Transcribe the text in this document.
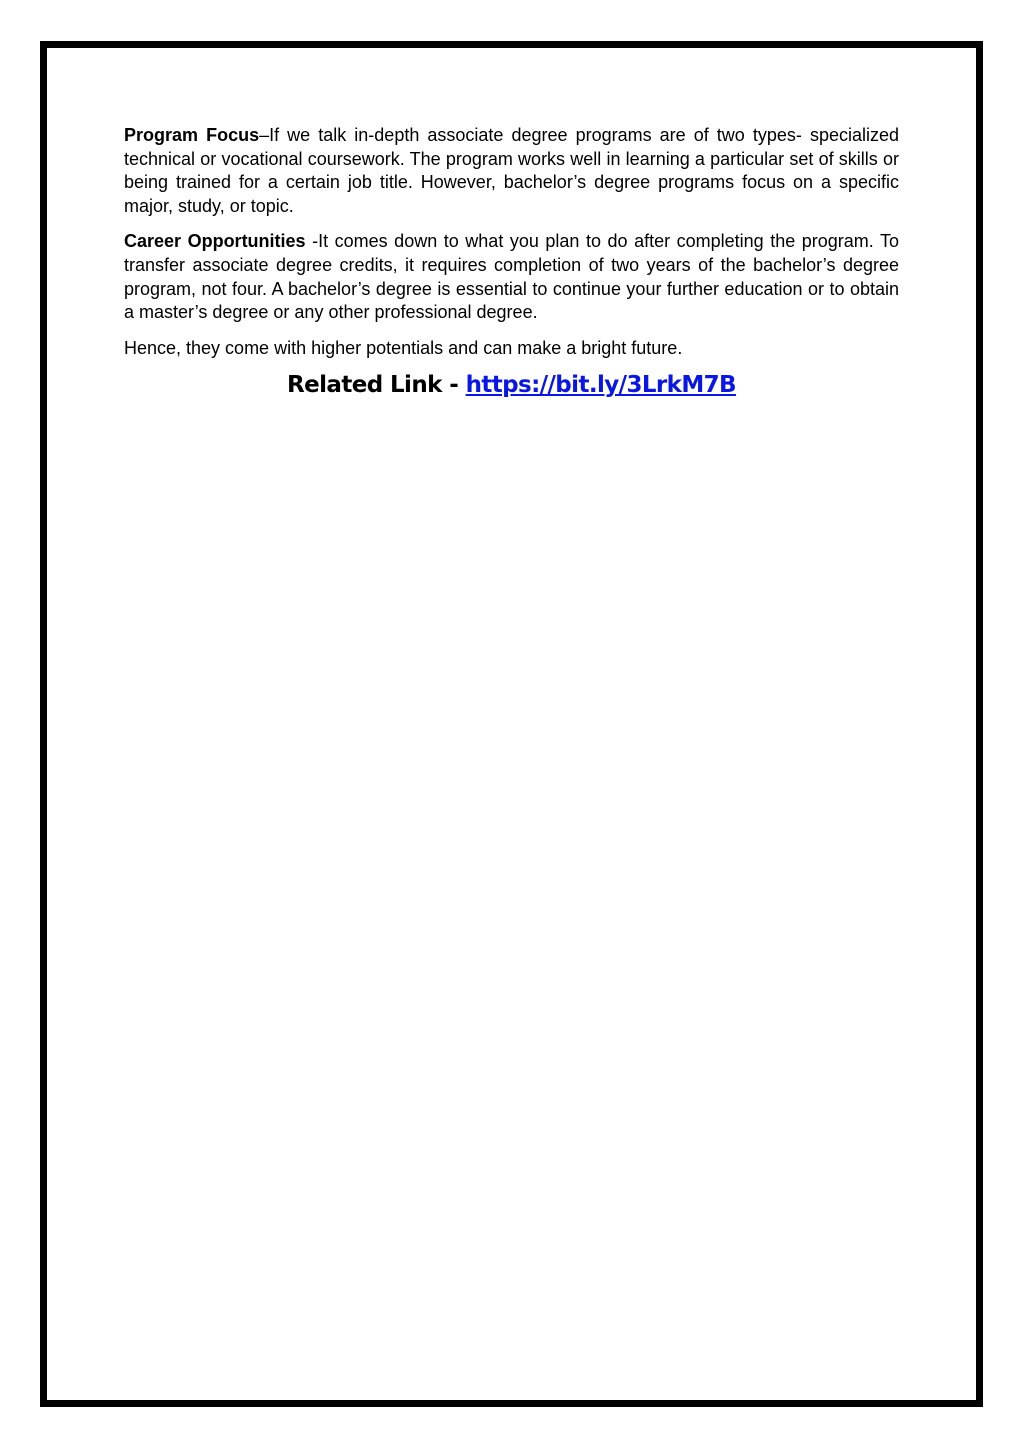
Program Focus–If we talk in-depth associate degree programs are of two types- specialized technical or vocational coursework. The program works well in learning a particular set of skills or being trained for a certain job title. However, bachelor’s degree programs focus on a specific major, study, or topic.

Career Opportunities -It comes down to what you plan to do after completing the program. To transfer associate degree credits, it requires completion of two years of the bachelor’s degree program, not four. A bachelor’s degree is essential to continue your further education or to obtain a master’s degree or any other professional degree.

Hence, they come with higher potentials and can make a bright future.

Related Link - https://bit.ly/3LrkM7B
